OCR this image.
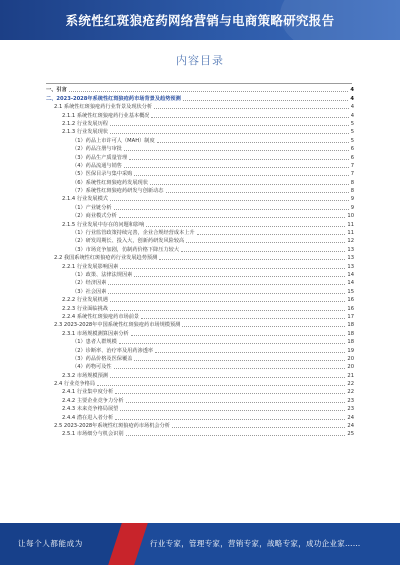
系统性红斑狼疮药网络营销与电商策略研究报告
内容目录
一、引言	4
二、2023-2028年系统性红斑狼疮药市场背景及趋势预测	4
2.1 系统性红斑狼疮药行业背景及现状分析	4
2.1.1 系统性红斑狼疮药行业基本概况	4
2.1.2 行业发展历程	5
2.1.3 行业发展现状	5
（1）药品上市许可人（MAH）制度	5
（2）药品注册与审批	6
（3）药品生产质量管理	6
（4）药品流通与销售	7
（5）医保目录与集中采购	7
（6）系统性红斑狼疮药发展现状	8
（7）系统性红斑狼疮药研发与创新动态	8
2.1.4 行业发展模式	9
（1）产业链分析	9
（2）商业模式分析	10
2.1.5 行业发展中存在的问题和影响	11
（1）行业监管政策持续完善，企业合规经营成本上升	11
（2）研发周期长、投入大，创新药研发风险较高	12
（3）市场竞争加剧，仿制药价格下降压力较大	13
2.2 我国系统性红斑狼疮药行业发展趋势预测	13
2.2.1 行业发展影响因素	13
（1）政策、法律法规因素	14
（2）经济因素	14
（3）社会因素	15
2.2.2 行业发展机遇	16
2.2.3 行业面临挑战	16
2.2.4 系统性红斑狼疮药市场前景	17
2.3 2023-2028年中国系统性红斑狼疮药市场规模预测	18
2.3.1 市场规模测算因素分析	18
（1）患者人群规模	18
（2）诊断率、治疗率及用药渗透率	19
（3）药品价格及医保覆盖	20
（4）药物可及性	20
2.3.2 市场规模预测	21
2.4 行业竞争格局	22
2.4.1 行业集中度分析	22
2.4.2 主要企业竞争力分析	23
2.4.3 未来竞争格局展望	23
2.4.4 潜在进入者分析	24
2.5 2023-2028年系统性红斑狼疮药市场机会分析	24
2.5.1 市场细分与机会识别	25
让每个人都能成为	行业专家，管理专家，营销专家，战略专家，成功企业家……
